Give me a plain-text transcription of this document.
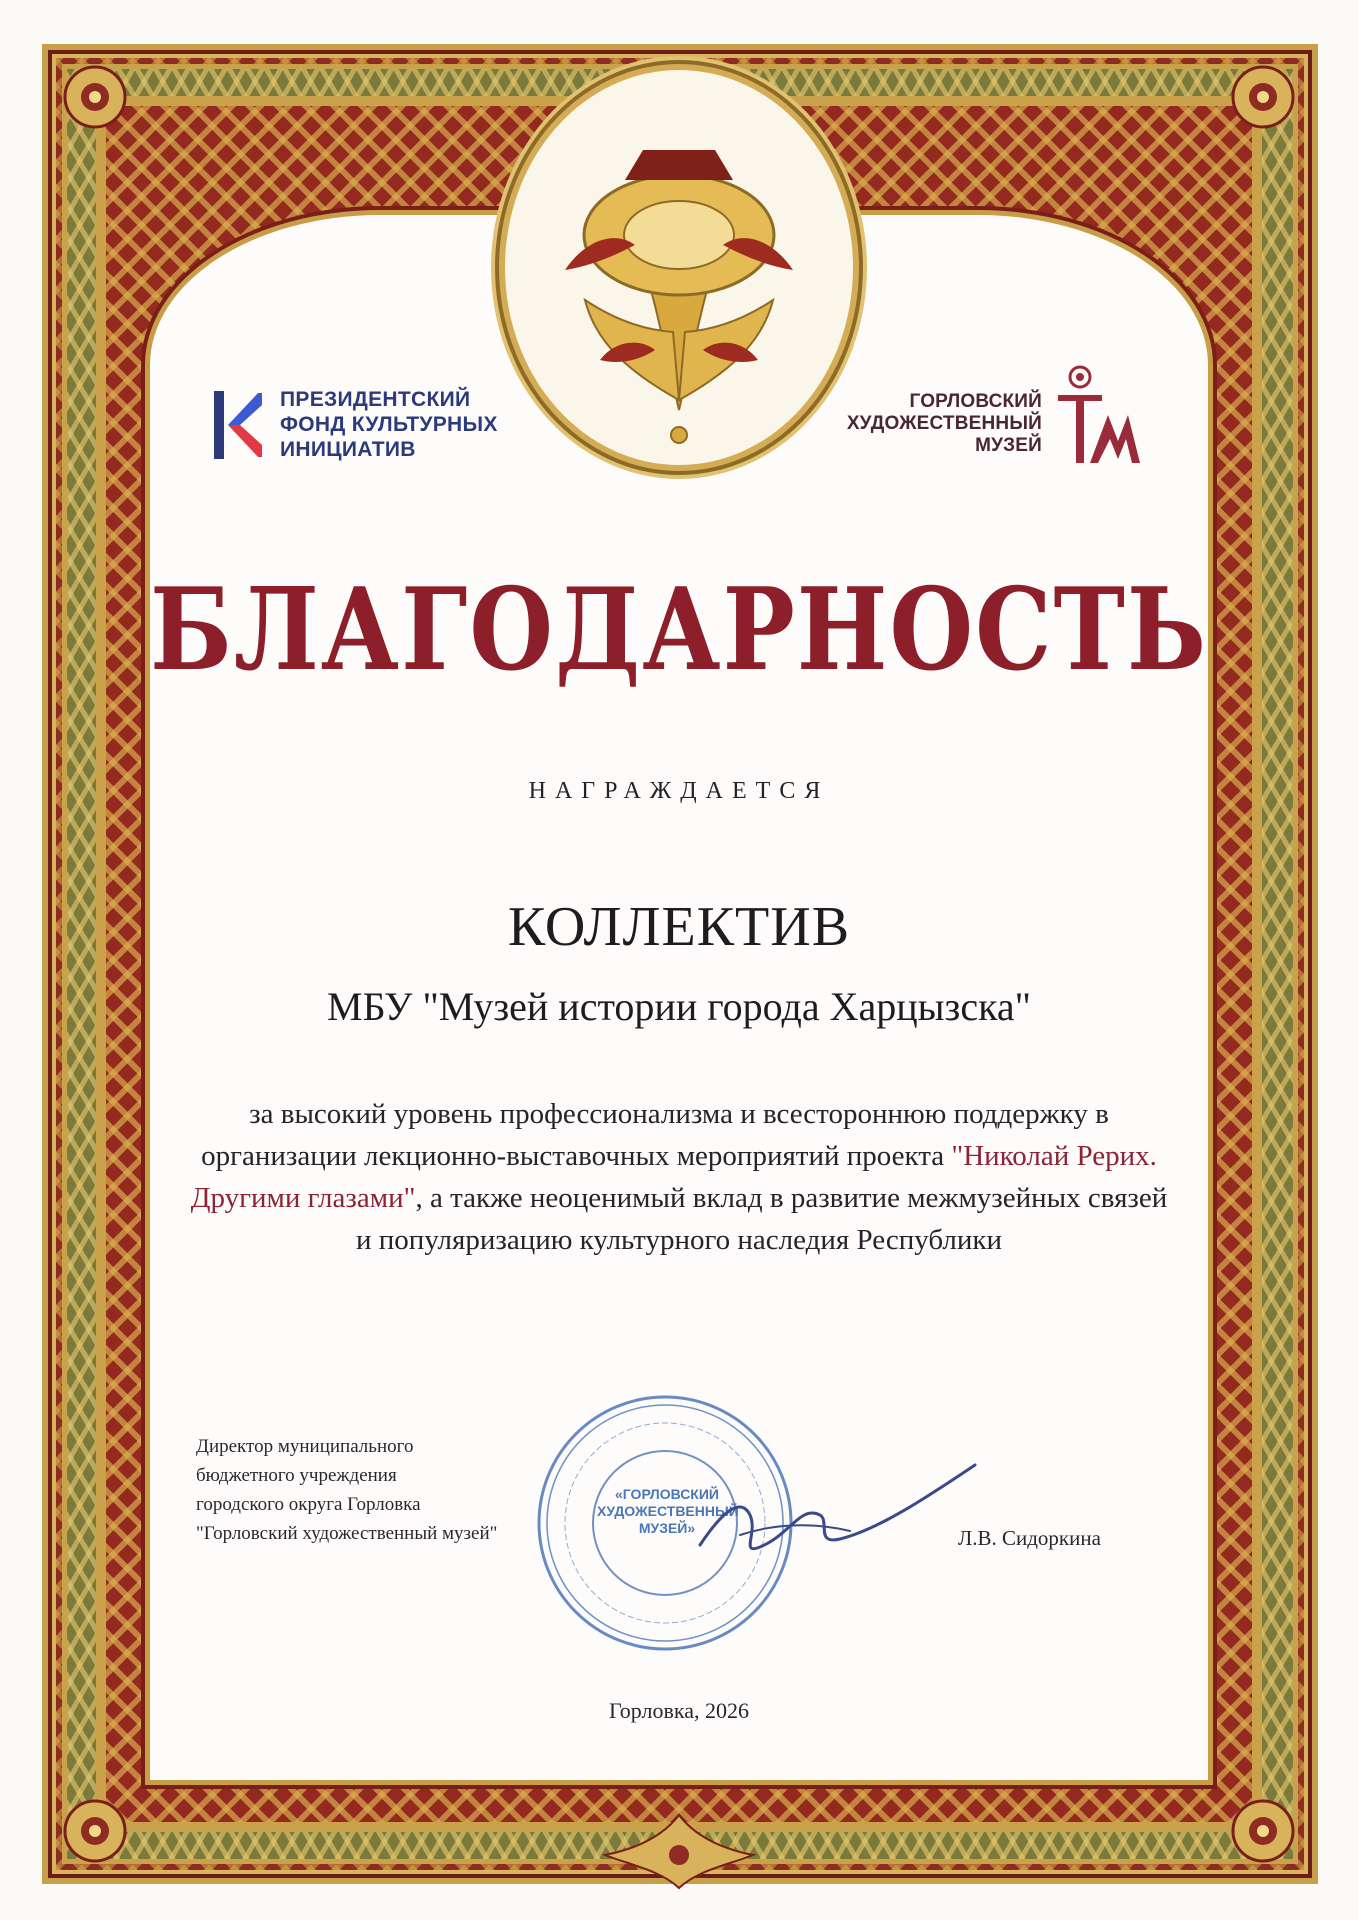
ПРЕЗИДЕНТСКИЙ
ФОНД КУЛЬТУРНЫХ
ИНИЦИАТИВ
ГОРЛОВСКИЙ
ХУДОЖЕСТВЕННЫЙ
МУЗЕЙ
БЛАГОДАРНОСТЬ
НАГРАЖДАЕТСЯ
КОЛЛЕКТИВ
МБУ "Музей истории города Харцызска"
за высокий уровень профессионализма и всестороннюю поддержку в организации лекционно-выставочных мероприятий проекта "Николай Рерих. Другими глазами", а также неоценимый вклад в развитие межмузейных связей и популяризацию культурного наследия Республики
Директор муниципального
бюджетного учреждения
городского округа Горловка
"Горловский художественный музей"
«ГОРЛОВСКИЙ
ХУДОЖЕСТВЕННЫЙ
МУЗЕЙ»	Л.В. Сидоркина
Горловка, 2026
